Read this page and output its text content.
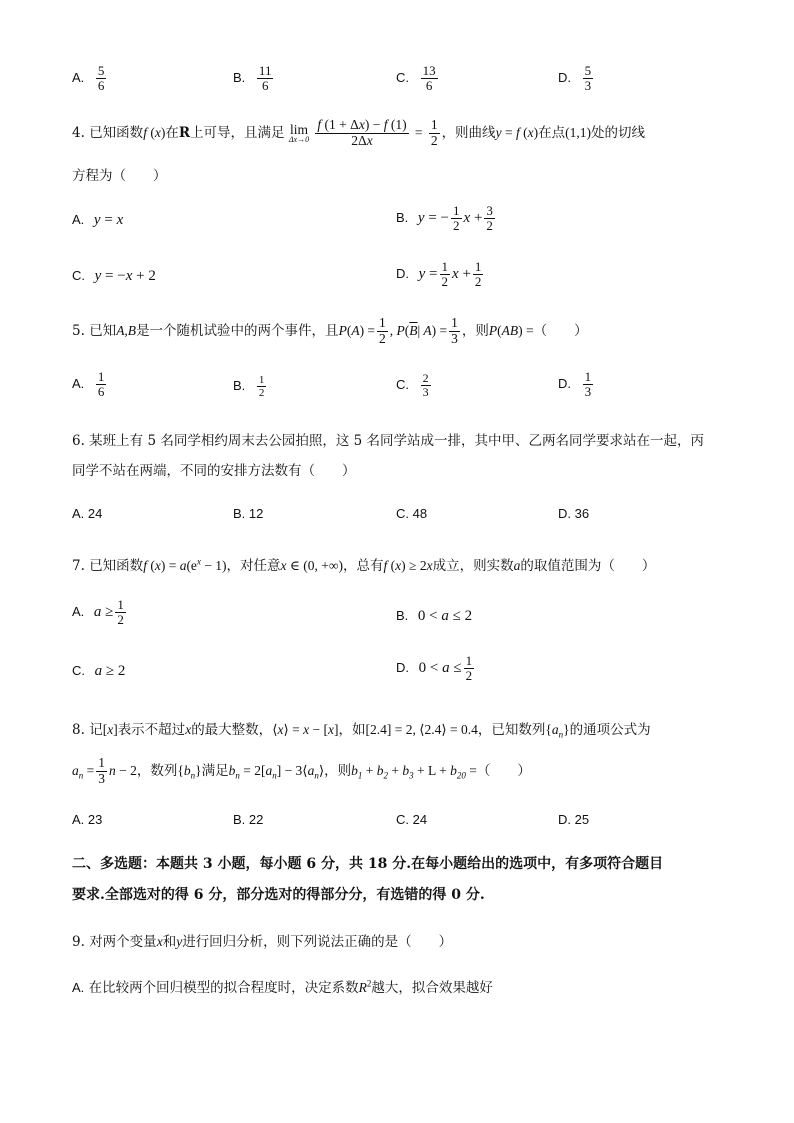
A. $\frac{5}{6}$	B. $\frac{11}{6}$	C. $\frac{13}{6}$	D. $\frac{5}{3}$
4. 已知函数f (x)在R上可导，且满足 lim
Δx→0
$\frac{f (1 + \Delta x) - f (1)}{2\Delta x} = \frac{1}{2}$ ，则曲线y = f (x)在点(1,1)处的切线
方程为（　　）
A. y = x	B. y = − $\frac{1}{2}$ $x + \frac{3}{2}$
C. y = −x + 2	D. $y = \frac{1}{2}$ $x + \frac{1}{2}$
5. 已知A,B是一个随机试验中的两个事件，且$P(A) = \frac{1}{2}$ , $P(\overline{B}|$ $A) = \frac{1}{3}$ ，则P(AB) =（　　）
A. $\frac{1}{6}$	B. $\frac{1}{2}$	C. $\frac{2}{3}$	D. $\frac{1}{3}$
6. 某班上有 5 名同学相约周末去公园拍照，这 5 名同学站成一排，其中甲、乙两名同学要求站在一起，丙
同学不站在两端，不同的安排方法数有（　　）
A. 24	B. 12	C. 48	D. 36
7. 已知函数f $(x) = a(e^x - 1)$，对任意x ∈ (0, +∞)，总有f (x) ≥ 2x成立，则实数a的取值范围为（　　）
A. $a \ge \frac{1}{2}$	B. 0 < a ≤ 2
C. a ≥ 2	D. $0 < a \le \frac{1}{2}$
8. 记[x]表示不超过x的最大整数，⟨x⟩ = x − [x]，如[2.4] = 2, ⟨2.4⟩ = 0.4，已知数列$\{a_n\}$的通项公式为
$a_n = \frac{1}{3}$ n − 2，数列$\{b_n\}$满足$b_n = 2[a_n]$ − $3⟨a_n⟩$，则$b_1 + b_2 + b_3 + L + b_{20}$ =（　　）
A. 23	B. 22	C. 24	D. 25
二、多选题：本题共 3 小题，每小题 6 分，共 18 分.在每小题给出的选项中，有多项符合题目
要求.全部选对的得 6 分，部分选对的得部分分，有选错的得 0 分.
9. 对两个变量x和y进行回归分析，则下列说法正确的是（　　）
A. 在比较两个回归模型的拟合程度时，决定系数$R^2$越大，拟合效果越好
